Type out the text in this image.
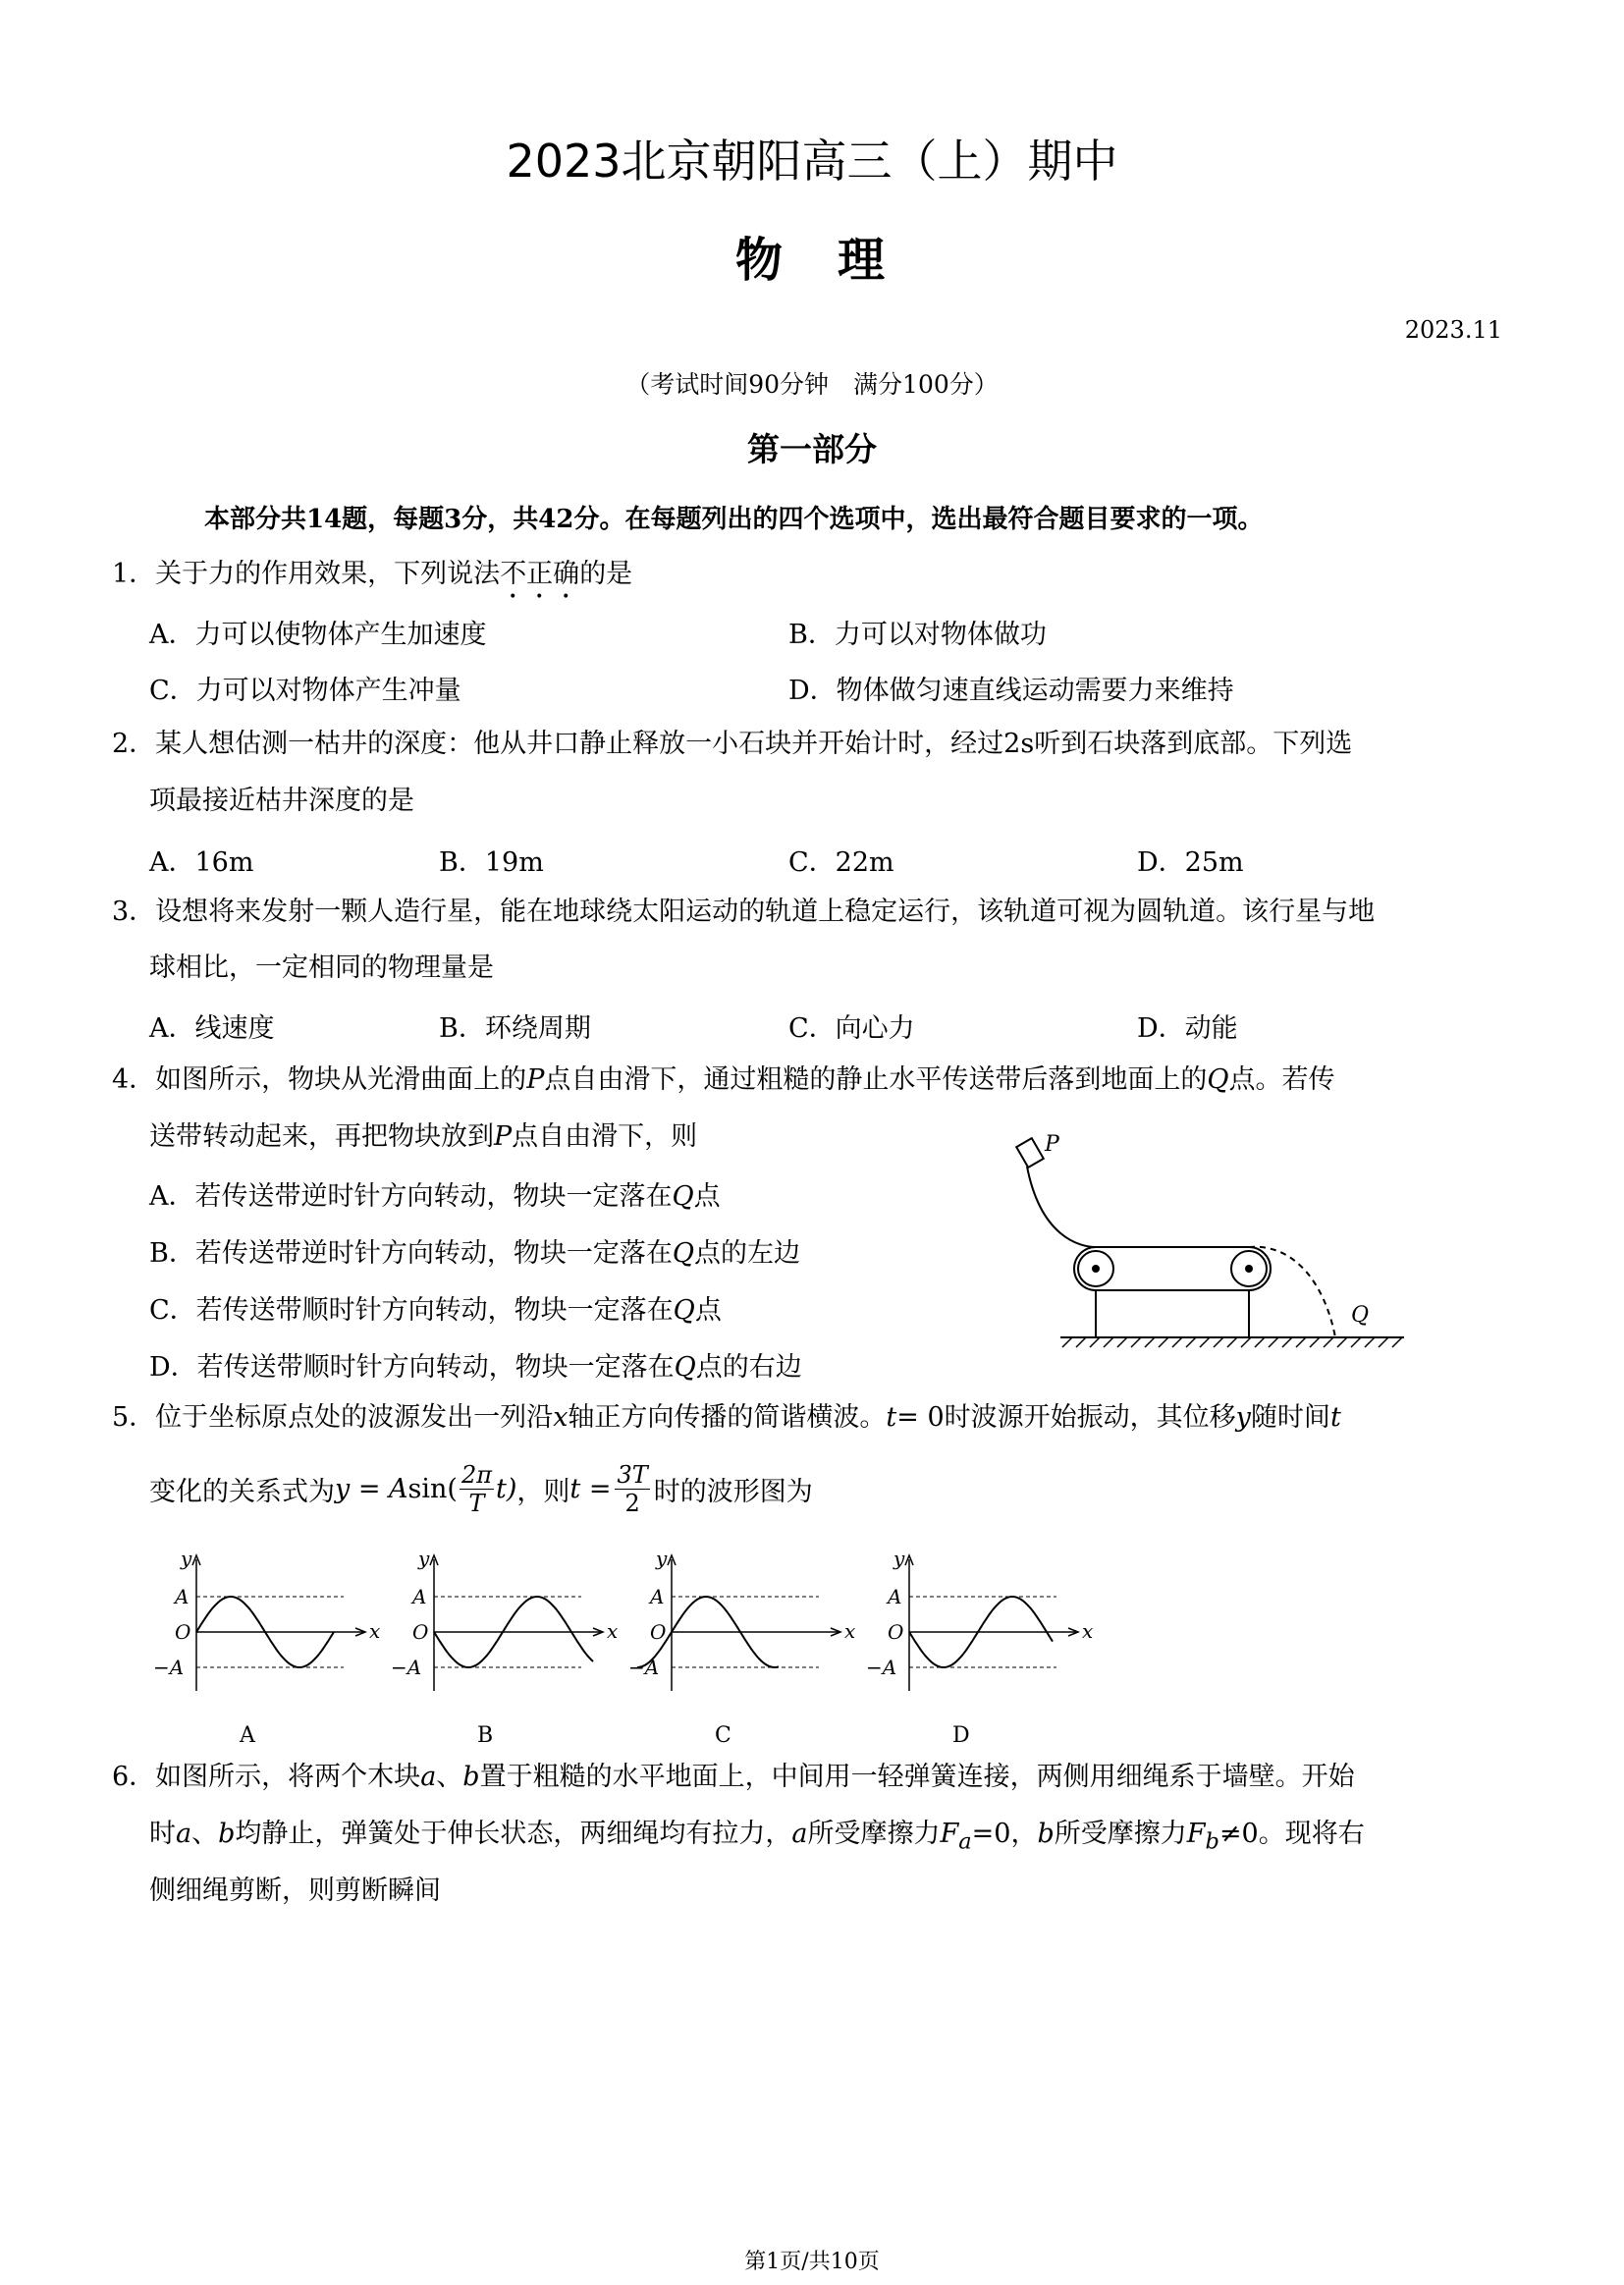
2023北京朝阳高三（上）期中
物　理
2023.11
（考试时间90分钟　满分100分）
第一部分
本部分共14题，每题3分，共42分。在每题列出的四个选项中，选出最符合题目要求的一项。
1．关于力的作用效果，下列说法不正确的是
A．力可以使物体产生加速度	B．力可以对物体做功
C．力可以对物体产生冲量	D．物体做匀速直线运动需要力来维持
2．某人想估测一枯井的深度：他从井口静止释放一小石块并开始计时，经过2s听到石块落到底部。下列选
项最接近枯井深度的是
A．16m	B．19m	C．22m	D．25m
3．设想将来发射一颗人造行星，能在地球绕太阳运动的轨道上稳定运行，该轨道可视为圆轨道。该行星与地
球相比，一定相同的物理量是
A．线速度	B．环绕周期	C．向心力	D．动能
4．如图所示，物块从光滑曲面上的P点自由滑下，通过粗糙的静止水平传送带后落到地面上的Q点。若传
送带转动起来，再把物块放到P点自由滑下，则
A．若传送带逆时针方向转动，物块一定落在Q点
B．若传送带逆时针方向转动，物块一定落在Q点的左边
C．若传送带顺时针方向转动，物块一定落在Q点
D．若传送带顺时针方向转动，物块一定落在Q点的右边
P
Q
5．位于坐标原点处的波源发出一列沿x轴正方向传播的简谐横波。t= 0时波源开始振动，其位移y随时间t
变化的关系式为 y = A $\sin( \frac{2\pi}{T} t)$ ，则 $t = \frac{3T}{2}$ 时的波形图为
y
x
A
O
−A
A
y
x
A
O
−A
B
y
x
A
O
−A
C
y
x
A
O
−A
D
6．如图所示，将两个木块a、b置于粗糙的水平地面上，中间用一轻弹簧连接，两侧用细绳系于墙壁。开始
时a、b均静止，弹簧处于伸长状态，两细绳均有拉力，a所受摩擦力$F_a=0$，b所受摩擦力$F_b\ne 0$。现将右
侧细绳剪断，则剪断瞬间
第1页/共10页
